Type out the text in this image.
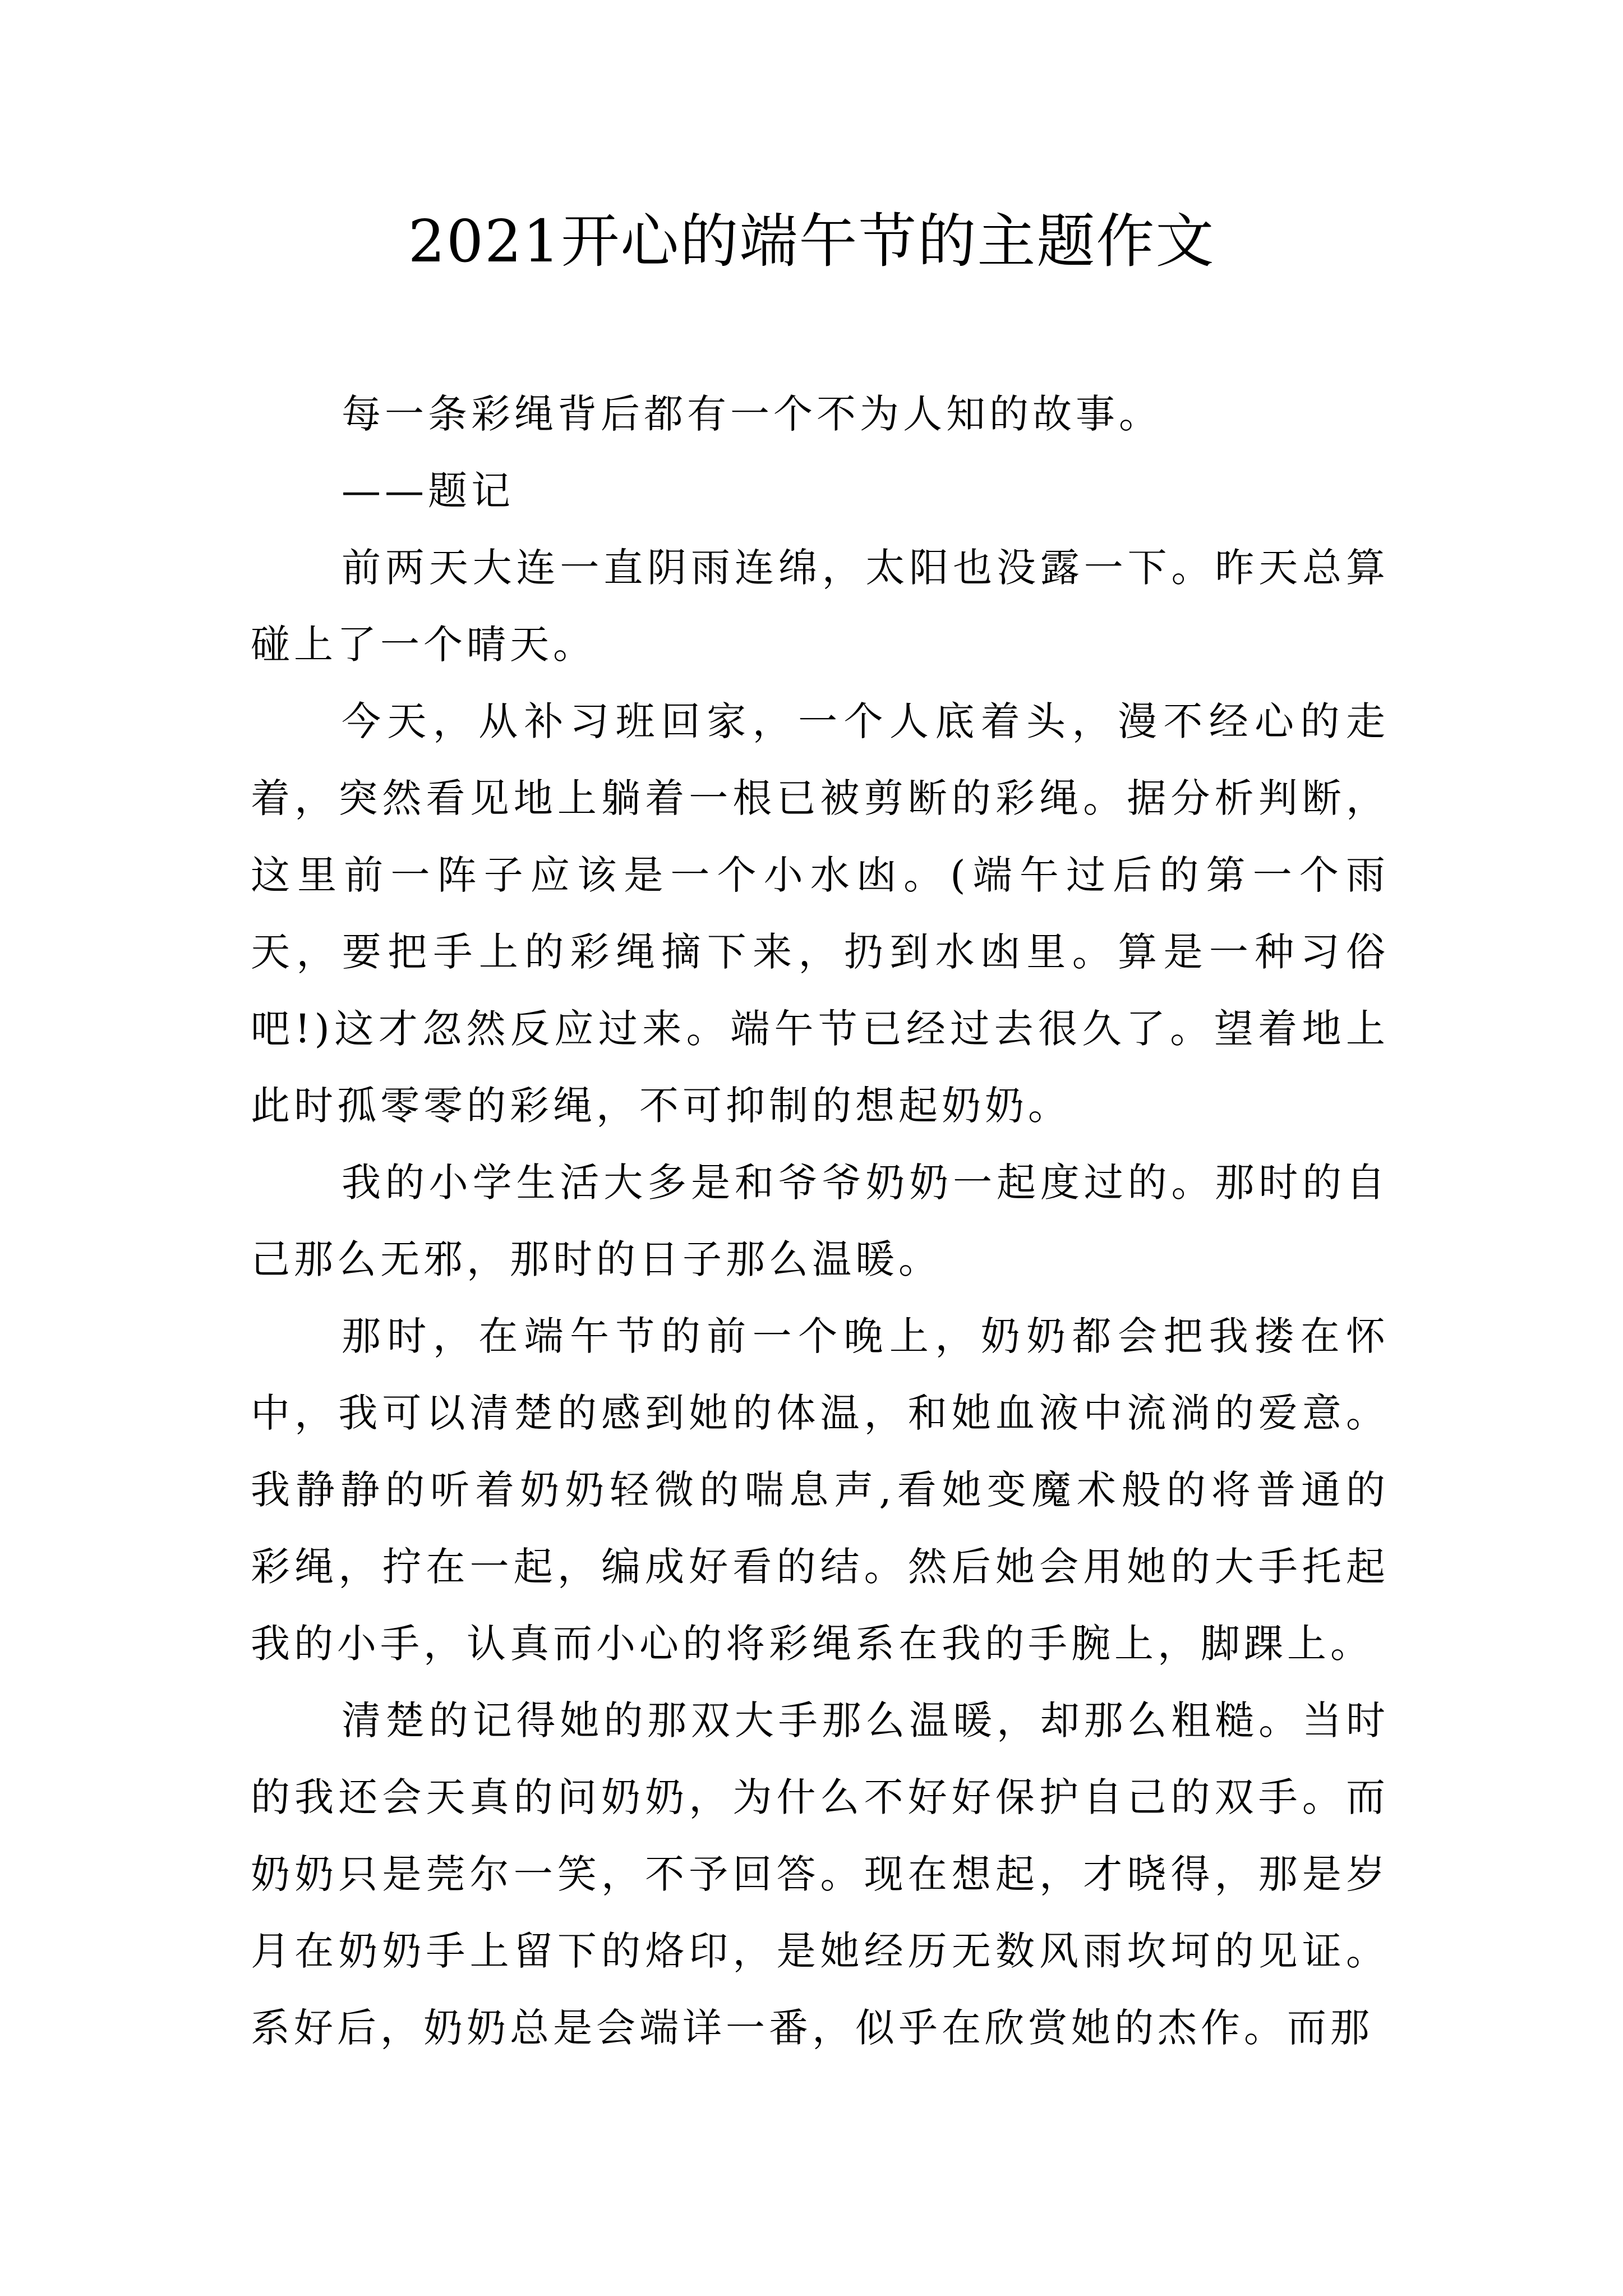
2021开心的端午节的主题作文

每一条彩绳背后都有一个不为人知的故事。

——题记

前两天大连一直阴雨连绵，太阳也没露一下。昨天总算碰上了一个晴天。

今天，从补习班回家，一个人底着头，漫不经心的走着，突然看见地上躺着一根已被剪断的彩绳。据分析判断，这里前一阵子应该是一个小水凼。(端午过后的第一个雨天，要把手上的彩绳摘下来，扔到水凼里。算是一种习俗吧!)这才忽然反应过来。端午节已经过去很久了。望着地上此时孤零零的彩绳，不可抑制的想起奶奶。

我的小学生活大多是和爷爷奶奶一起度过的。那时的自己那么无邪，那时的日子那么温暖。

那时，在端午节的前一个晚上，奶奶都会把我搂在怀中，我可以清楚的感到她的体温，和她血液中流淌的爱意。我静静的听着奶奶轻微的喘息声,看她变魔术般的将普通的彩绳，拧在一起，编成好看的结。然后她会用她的大手托起我的小手，认真而小心的将彩绳系在我的手腕上，脚踝上。

清楚的记得她的那双大手那么温暖，却那么粗糙。当时的我还会天真的问奶奶，为什么不好好保护自己的双手。而奶奶只是莞尔一笑，不予回答。现在想起，才晓得，那是岁月在奶奶手上留下的烙印，是她经历无数风雨坎坷的见证。系好后，奶奶总是会端详一番，似乎在欣赏她的杰作。而那
